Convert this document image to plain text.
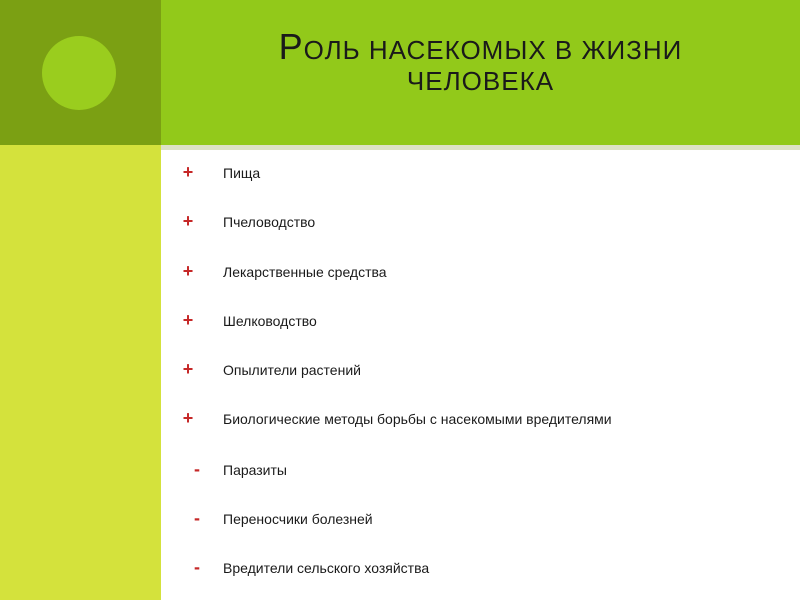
РОЛЬ НАСЕКОМЫХ В ЖИЗНИ
ЧЕЛОВЕКА
+ Пища
+ Пчеловодство
+ Лекарственные средства
+ Шелководство
+ Опылители растений
+ Биологические методы борьбы с насекомыми вредителями
-	Паразиты
-	Переносчики болезней
-	Вредители сельского хозяйства
